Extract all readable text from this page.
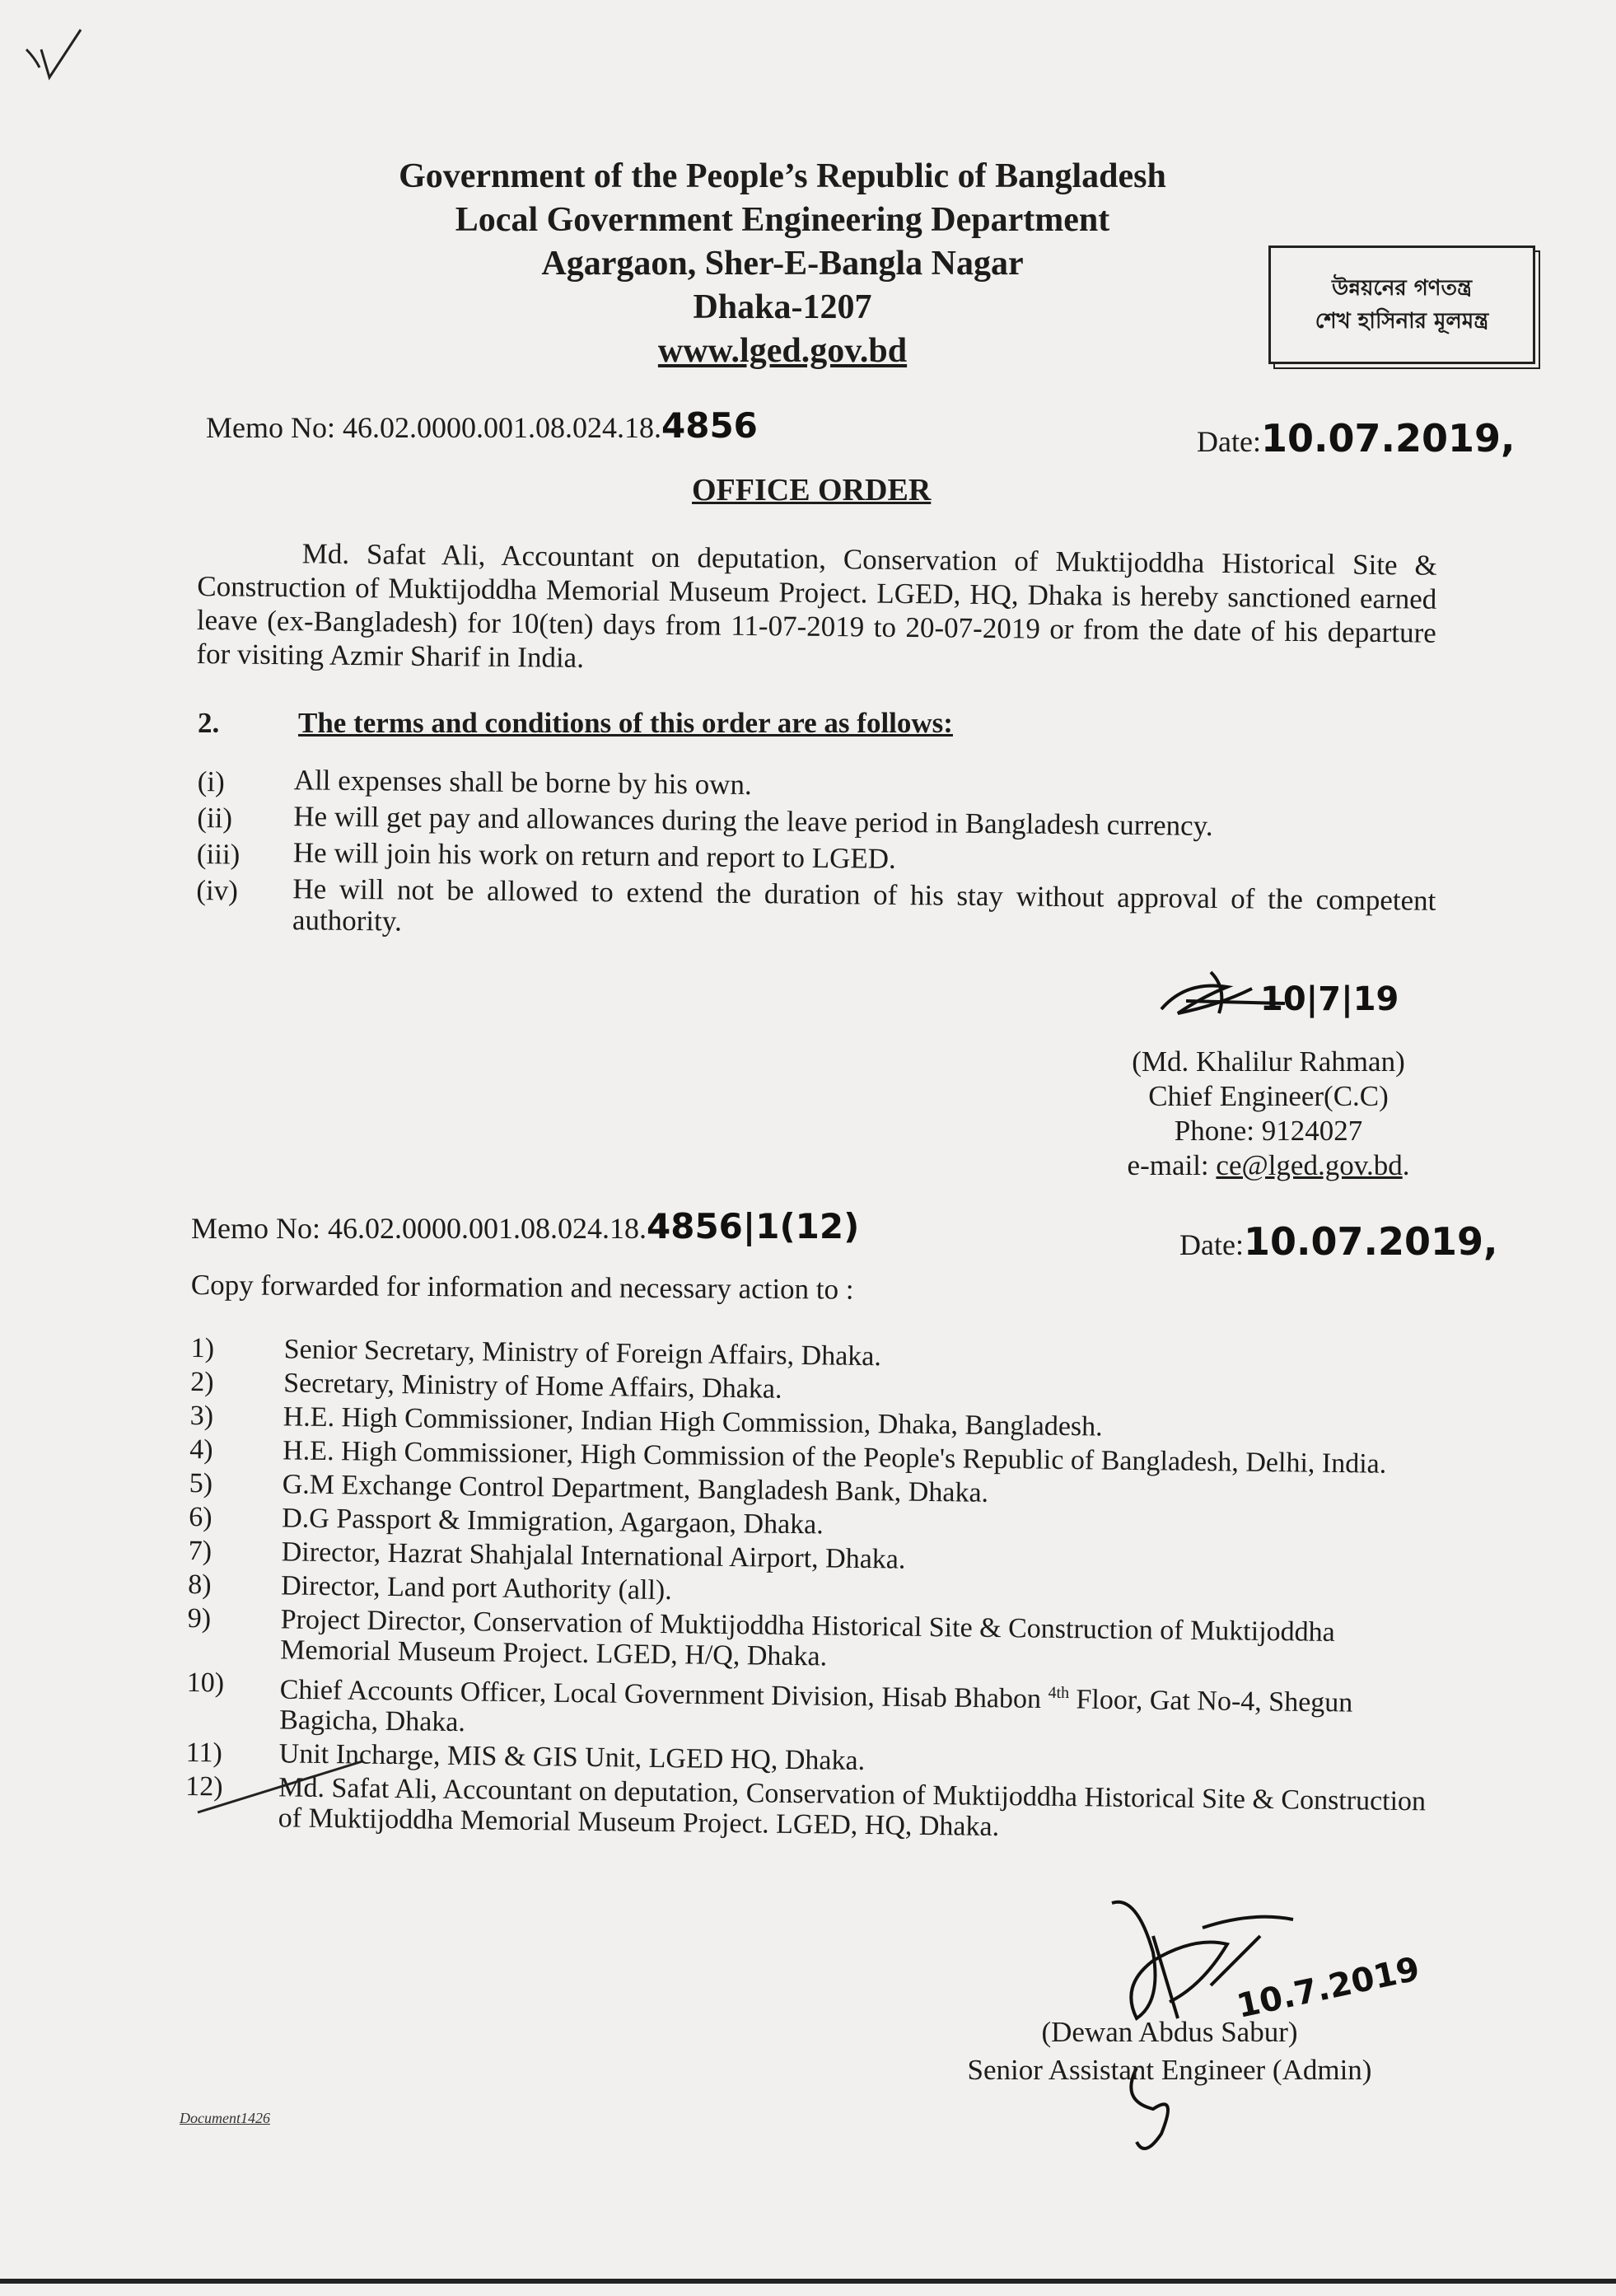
Government of the People’s Republic of Bangladesh
Local Government Engineering Department
Agargaon, Sher-E-Bangla Nagar
Dhaka-1207
www.lged.gov.bd
উন্নয়নের গণতন্ত্র
শেখ হাসিনার মূলমন্ত্র
Memo No: 46.02.0000.001.08.024.18.4856	Date:10.07.2019,
OFFICE ORDER
Md. Safat Ali, Accountant on deputation, Conservation of Muktijoddha Historical Site & Construction of Muktijoddha Memorial Museum Project. LGED, HQ, Dhaka is hereby sanctioned earned leave (ex-Bangladesh) for 10(ten) days from 11-07-2019 to 20-07-2019 or from the date of his departure for visiting Azmir Sharif in India.
2.	The terms and conditions of this order are as follows:
(i)	All expenses shall be borne by his own.
(ii)	He will get pay and allowances during the leave period in Bangladesh currency.
(iii)	He will join his work on return and report to LGED.
(iv)	He will not be allowed to extend the duration of his stay without approval of the competent authority.
10|7|19
(Md. Khalilur Rahman)
Chief Engineer(C.C)
Phone: 9124027
e-mail: ce@lged.gov.bd.
Memo No: 46.02.0000.001.08.024.18.4856|1(12)	Date:10.07.2019,
Copy forwarded for information and necessary action to :
1)	Senior Secretary, Ministry of Foreign Affairs, Dhaka.
2)	Secretary, Ministry of Home Affairs, Dhaka.
3)	H.E. High Commissioner, Indian High Commission, Dhaka, Bangladesh.
4)	H.E. High Commissioner, High Commission of the People's Republic of Bangladesh, Delhi, India.
5)	G.M Exchange Control Department, Bangladesh Bank, Dhaka.
6)	D.G Passport & Immigration, Agargaon, Dhaka.
7)	Director, Hazrat Shahjalal International Airport, Dhaka.
8)	Director, Land port Authority (all).
9)	Project Director, Conservation of Muktijoddha Historical Site & Construction of Muktijoddha Memorial Museum Project. LGED, H/Q, Dhaka.
10)	Chief Accounts Officer, Local Government Division, Hisab Bhabon $^{4th}$ Floor, Gat No-4, Shegun Bagicha, Dhaka.
11)	Unit Incharge, MIS & GIS Unit, LGED HQ, Dhaka.
12)	Md. Safat Ali, Accountant on deputation, Conservation of Muktijoddha Historical Site & Construction of Muktijoddha Memorial Museum Project. LGED, HQ, Dhaka.
10.7.2019
(Dewan Abdus Sabur)
Senior Assistant Engineer (Admin)
Document1426
